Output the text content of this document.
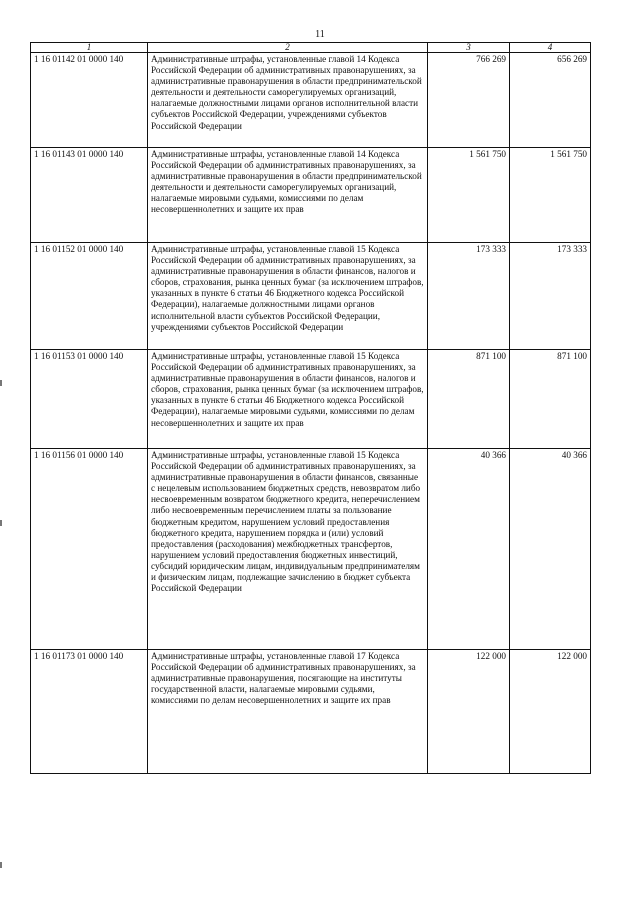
11
1	2	3	4
1 16 01142 01 0000 140	Административные штрафы, установленные главой 14 Кодекса Российской Федерации об административных правонарушениях, за административные правонарушения в области предпринимательской деятельности и деятельности саморегулируемых организаций, налагаемые должностными лицами органов исполнительной власти субъектов Российской Федерации, учреждениями субъектов Российской Федерации	766 269	656 269
1 16 01143 01 0000 140	Административные штрафы, установленные главой 14 Кодекса Российской Федерации об административных правонарушениях, за административные правонарушения в области предпринимательской деятельности и деятельности саморегулируемых организаций, налагаемые мировыми судьями, комиссиями по делам несовершеннолетних и защите их прав	1 561 750	1 561 750
1 16 01152 01 0000 140	Административные штрафы, установленные главой 15 Кодекса Российской Федерации об административных правонарушениях, за административные правонарушения в области финансов, налогов и сборов, страхования, рынка ценных бумаг (за исключением штрафов, указанных в пункте 6 статьи 46 Бюджетного кодекса Российской Федерации), налагаемые должностными лицами органов исполнительной власти субъектов Российской Федерации, учреждениями субъектов Российской Федерации	173 333	173 333
1 16 01153 01 0000 140	Административные штрафы, установленные главой 15 Кодекса Российской Федерации об административных правонарушениях, за административные правонарушения в области финансов, налогов и сборов, страхования, рынка ценных бумаг (за исключением штрафов, указанных в пункте 6 статьи 46 Бюджетного кодекса Российской Федерации), налагаемые мировыми судьями, комиссиями по делам несовершеннолетних и защите их прав	871 100	871 100
1 16 01156 01 0000 140	Административные штрафы, установленные главой 15 Кодекса Российской Федерации об административных правонарушениях, за административные правонарушения в области финансов, связанные с нецелевым использованием бюджетных средств, невозвратом либо несвоевременным возвратом бюджетного кредита, неперечислением либо несвоевременным перечислением платы за пользование бюджетным кредитом, нарушением условий предоставления бюджетного кредита, нарушением порядка и (или) условий предоставления (расходования) межбюджетных трансфертов, нарушением условий предоставления бюджетных инвестиций, субсидий юридическим лицам, индивидуальным предпринимателям и физическим лицам, подлежащие зачислению в бюджет субъекта Российской Федерации	40 366	40 366
1 16 01173 01 0000 140	Административные штрафы, установленные главой 17 Кодекса Российской Федерации об административных правонарушениях, за административные правонарушения, посягающие на институты государственной власти, налагаемые мировыми судьями, комиссиями по делам несовершеннолетних и защите их прав	122 000	122 000
